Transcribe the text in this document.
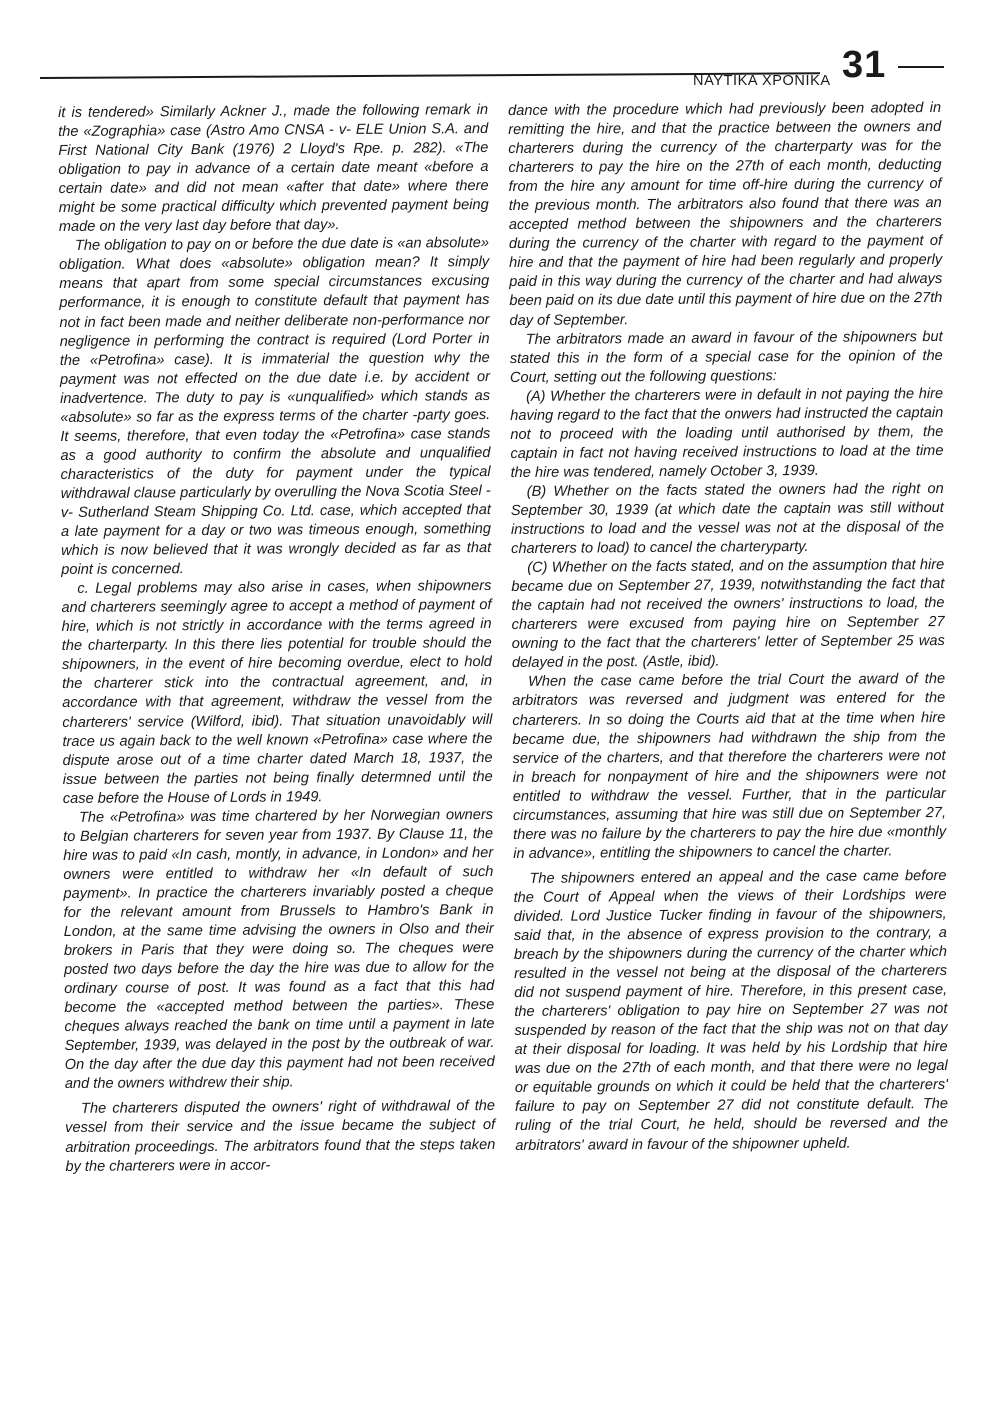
ΝΑΥΤΙΚΑ ΧΡΟΝΙΚΑ 31

it is tendered» Similarly Ackner J., made the following remark in the «Zographia» case (Astro Amo CNSA - v- ELE Union S.A. and First National City Bank (1976) 2 Lloyd's Rpe. p. 282). «The obligation to pay in advance of a certain date meant «before a certain date» and did not mean «after that date» where there might be some practical difficulty which prevented payment being made on the very last day before that day».

The obligation to pay on or before the due date is «an absolute» obligation. What does «absolute» obligation mean? It simply means that apart from some special circumstances excusing performance, it is enough to constitute default that payment has not in fact been made and neither deliberate non-performance nor negligence in performing the contract is required (Lord Porter in the «Petrofina» case). It is immaterial the question why the payment was not effected on the due date i.e. by accident or inadvertence. The duty to pay is «unqualified» which stands as «absolute» so far as the express terms of the charter -party goes. It seems, therefore, that even today the «Petrofina» case stands as a good authority to confirm the absolute and unqualified characteristics of the duty for payment under the typical withdrawal clause particularly by overulling the Nova Scotia Steel -v- Sutherland Steam Shipping Co. Ltd. case, which accepted that a late payment for a day or two was timeous enough, something which is now believed that it was wrongly decided as far as that point is concerned.

c. Legal problems may also arise in cases, when shipowners and charterers seemingly agree to accept a method of payment of hire, which is not strictly in accordance with the terms agreed in the charterparty. In this there lies potential for trouble should the shipowners, in the event of hire becoming overdue, elect to hold the charterer stick into the contractual agreement, and, in accordance with that agreement, withdraw the vessel from the charterers' service (Wilford, ibid). That situation unavoidably will trace us again back to the well known «Petrofina» case where the dispute arose out of a time charter dated March 18, 1937, the issue between the parties not being finally determned until the case before the House of Lords in 1949.

The «Petrofina» was time chartered by her Norwegian owners to Belgian charterers for seven year from 1937. By Clause 11, the hire was to paid «In cash, montly, in advance, in London» and her owners were entitled to withdraw her «In default of such payment». In practice the charterers invariably posted a cheque for the relevant amount from Brussels to Hambro's Bank in London, at the same time advising the owners in Olso and their brokers in Paris that they were doing so. The cheques were posted two days before the day the hire was due to allow for the ordinary course of post. It was found as a fact that this had become the «accepted method between the parties». These cheques always reached the bank on time until a payment in late September, 1939, was delayed in the post by the outbreak of war. On the day after the due day this payment had not been received and the owners withdrew their ship.

The charterers disputed the owners' right of withdrawal of the vessel from their service and the issue became the subject of arbitration proceedings. The arbitrators found that the steps taken by the charterers were in accor-

dance with the procedure which had previously been adopted in remitting the hire, and that the practice between the owners and charterers during the currency of the charterparty was for the charterers to pay the hire on the 27th of each month, deducting from the hire any amount for time off-hire during the currency of the previous month. The arbitrators also found that there was an accepted method between the shipowners and the charterers during the currency of the charter with regard to the payment of hire and that the payment of hire had been regularly and properly paid in this way during the currency of the charter and had always been paid on its due date until this payment of hire due on the 27th day of September.

The arbitrators made an award in favour of the shipowners but stated this in the form of a special case for the opinion of the Court, setting out the following questions:

(A) Whether the charterers were in default in not paying the hire having regard to the fact that the onwers had instructed the captain not to proceed with the loading until authorised by them, the captain in fact not having received instructions to load at the time the hire was tendered, namely October 3, 1939.

(B) Whether on the facts stated the owners had the right on September 30, 1939 (at which date the captain was still without instructions to load and the vessel was not at the disposal of the charterers to load) to cancel the charteryparty.

(C) Whether on the facts stated, and on the assumption that hire became due on September 27, 1939, notwithstanding the fact that the captain had not received the owners' instructions to load, the charterers were excused from paying hire on September 27 owning to the fact that the charterers' letter of September 25 was delayed in the post. (Astle, ibid).

When the case came before the trial Court the award of the arbitrators was reversed and judgment was entered for the charterers. In so doing the Courts aid that at the time when hire became due, the shipowners had withdrawn the ship from the service of the charters, and that therefore the charterers were not in breach for nonpayment of hire and the shipowners were not entitled to withdraw the vessel. Further, that in the particular circumstances, assuming that hire was still due on September 27, there was no failure by the charterers to pay the hire due «monthly in advance», entitling the shipowners to cancel the charter.

The shipowners entered an appeal and the case came before the Court of Appeal when the views of their Lordships were divided. Lord Justice Tucker finding in favour of the shipowners, said that, in the absence of express provision to the contrary, a breach by the shipowners during the currency of the charter which resulted in the vessel not being at the disposal of the charterers did not suspend payment of hire. Therefore, in this present case, the charterers' obligation to pay hire on September 27 was not suspended by reason of the fact that the ship was not on that day at their disposal for loading. It was held by his Lordship that hire was due on the 27th of each month, and that there were no legal or equitable grounds on which it could be held that the charterers' failure to pay on September 27 did not constitute default. The ruling of the trial Court, he held, should be reversed and the arbitrators' award in favour of the shipowner upheld.
